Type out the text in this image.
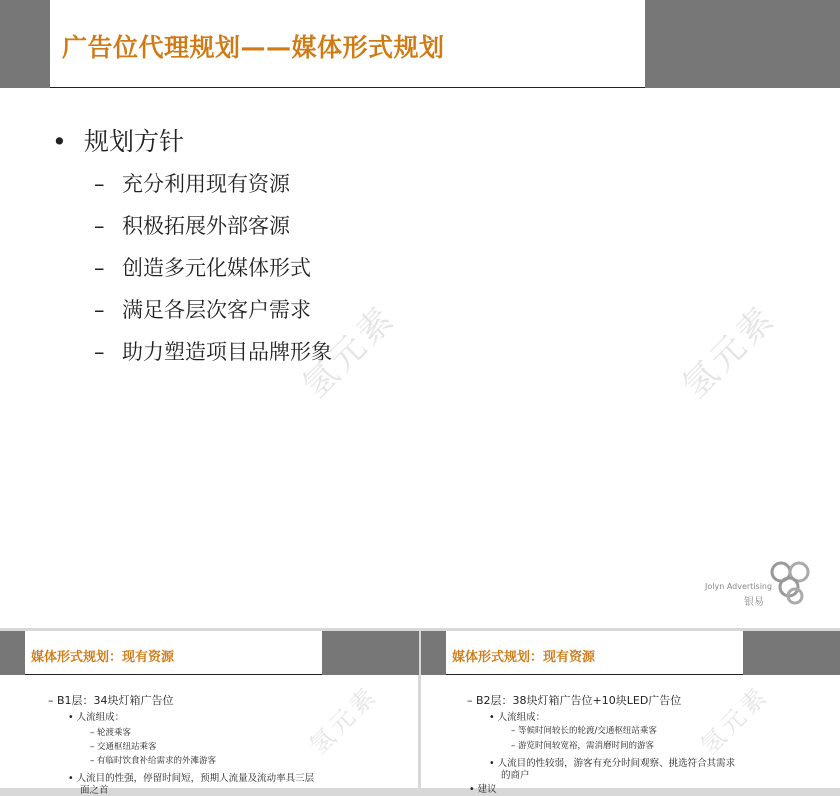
广告位代理规划——媒体形式规划
• 规划方针
– 充分利用现有资源
– 积极拓展外部客源
– 创造多元化媒体形式
– 满足各层次客户需求
– 助力塑造项目品牌形象
氢元素	氢元素
Jolyn Advertising
银易
媒体形式规划：现有资源
– B1层：34块灯箱广告位
• 人流组成：
– 轮渡乘客
– 交通枢纽站乘客
– 有临时饮食补给需求的外滩游客
• 人流目的性强，停留时间短，预期人流量及流动率具三层
面之首
氢元素
媒体形式规划：现有资源
– B2层：38块灯箱广告位+10块LED广告位
• 人流组成：
– 等候时间较长的轮渡/交通枢纽站乘客
– 游览时间较宽裕，需消磨时间的游客
• 人流目的性较弱，游客有充分时间观察、挑选符合其需求
的商户
• 建议
氢元素
